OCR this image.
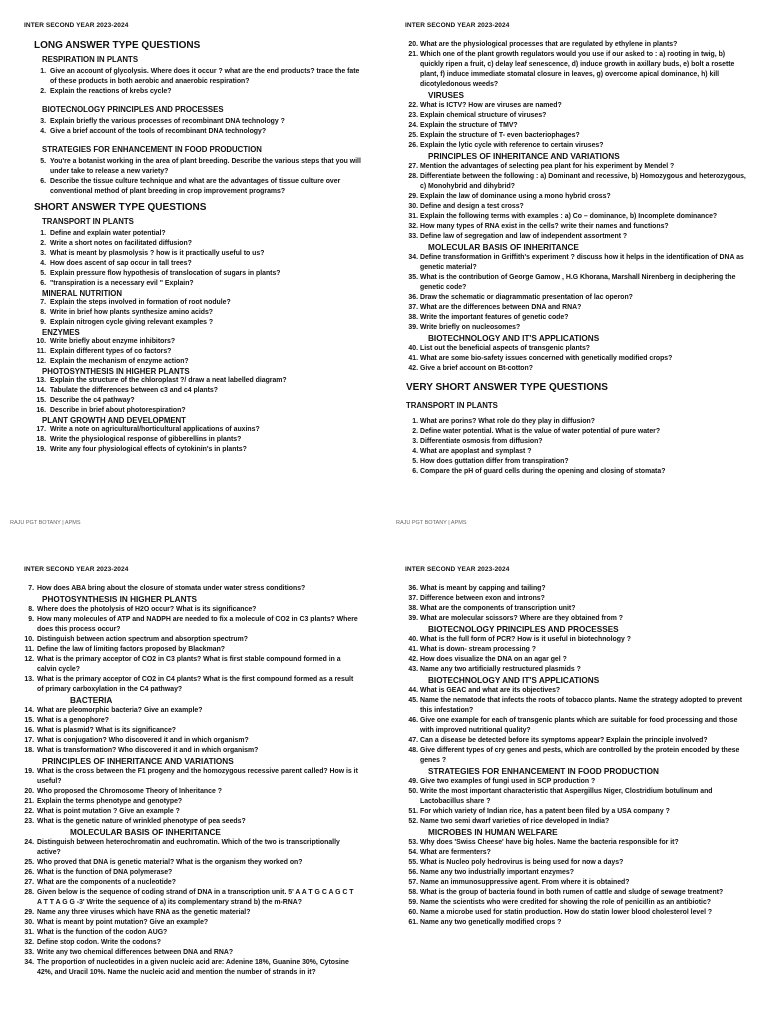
INTER SECOND YEAR 2023-2024
LONG ANSWER TYPE QUESTIONS
RESPIRATION IN PLANTS
1. Give an account of glycolysis. Where does it occur ? what are the end products? trace the fate of these products in both aerobic and anaerobic respiration?
2. Explain the reactions of krebs cycle?
BIOTECNOLOGY PRINCIPLES AND PROCESSES
3. Explain briefly the various processes of recombinant DNA technology ?
4. Give a brief account of the tools of recombinant DNA technology?
STRATEGIES FOR ENHANCEMENT IN FOOD PRODUCTION
5. You're a botanist working in the area of plant breeding. Describe the various steps that you will under take to release a new variety?
6. Describe the tissue culture technique and what are the advantages of tissue culture over conventional method of plant breeding in crop improvement programs?
SHORT ANSWER TYPE QUESTIONS
TRANSPORT IN PLANTS
1. Define and explain water potential?
2. Write a short notes on facilitated diffusion?
3. What is meant by plasmolysis ? how is it practically useful to us?
4. How does ascent of sap occur in tall trees?
5. Explain pressure flow hypothesis of translocation of sugars in plants?
6. "transpiration is a necessary evil " Explain?
MINERAL NUTRITION
7. Explain the steps involved in formation of root nodule?
8. Write in brief how plants synthesize amino acids?
9. Explain nitrogen cycle giving relevant examples ?
ENZYMES
10. Write briefly about enzyme inhibitors?
11. Explain different types of co factors?
12. Explain the mechanism of enzyme action?
PHOTOSYNTHESIS IN HIGHER PLANTS
13. Explain the structure of the chloroplast ?/ draw a neat labelled diagram?
14. Tabulate the differences between c3 and c4 plants?
15. Describe the c4 pathway?
16. Describe in brief about photorespiration?
PLANT GROWTH AND DEVELOPMENT
17. Write a note on agricultural/horticultural applications of auxins?
18. Write the physiological response of gibberellins in plants?
19. Write any four physiological effects of cytokinin's in plants?
RAJU PGT BOTANY | APMS
INTER SECOND YEAR 2023-2024
20. What are the physiological processes that are regulated by ethylene in plants?
21. Which one of the plant growth regulators would you use if our asked to : a) rooting in twig, b) quickly ripen a fruit, c) delay leaf senescence, d) induce growth in axillary buds, e) bolt a rosette plant, f) induce immediate stomatal closure in leaves, g) overcome apical dominance, h) kill dicotyledonous weeds?
VIRUSES
22. What is ICTV? How are viruses are named?
23. Explain chemical structure of viruses?
24. Explain the structure of TMV?
25. Explain the structure of T- even bacteriophages?
26. Explain the lytic cycle with reference to certain viruses?
PRINCIPLES OF INHERITANCE AND VARIATIONS
27. Mention the advantages of selecting pea plant for his experiment by Mendel ?
28. Differentiate between the following : a) Dominant and recessive, b) Homozygous and heterozygous, c) Monohybrid and dihybrid?
29. Explain the law of dominance using a mono hybrid cross?
30. Define and design a test cross?
31. Explain the following terms with examples : a) Co – dominance, b) Incomplete dominance?
32. How many types of RNA exist in the cells? write their names and functions?
33. Define law of segregation and law of independent assortment ?
MOLECULAR BASIS OF INHERITANCE
34. Define transformation in Griffith's experiment ? discuss how it helps in the identification of DNA as genetic material?
35. What is the contribution of George Gamow , H.G Khorana, Marshall Nirenberg in deciphering the genetic code?
36. Draw the schematic or diagrammatic presentation of lac operon?
37. What are the differences between DNA and RNA?
38. Write the important features of genetic code?
39. Write briefly on nucleosomes?
BIOTECHNOLOGY AND IT'S APPLICATIONS
40. List out the beneficial aspects of transgenic plants?
41. What are some bio-safety issues concerned with genetically modified crops?
42. Give a brief account on Bt-cotton?
VERY SHORT ANSWER TYPE QUESTIONS
TRANSPORT IN PLANTS
1. What are porins? What role do they play in diffusion?
2. Define water potential. What is the value of water potential of pure water?
3. Differentiate osmosis from diffusion?
4. What are apoplast and symplast ?
5. How does guttation differ from transpiration?
6. Compare the pH of guard cells during the opening and closing of stomata?
RAJU PGT BOTANY | APMS
INTER SECOND YEAR 2023-2024
7. How does ABA bring about the closure of stomata under water stress conditions?
PHOTOSYNTHESIS IN HIGHER PLANTS
8. Where does the photolysis of H2O occur? What is its significance?
9. How many molecules of ATP and NADPH are needed to fix a molecule of CO2 in C3 plants? Where does this process occur?
10. Distinguish between action spectrum and absorption spectrum?
11. Define the law of limiting factors proposed by Blackman?
12. What is the primary acceptor of CO2 in C3 plants? What is first stable compound formed in a calvin cycle?
13. What is the primary acceptor of CO2 in C4 plants? What is the first compound formed as a result of primary carboxylation in the C4 pathway?
BACTERIA
14. What are pleomorphic bacteria? Give an example?
15. What is a genophore?
16. What is plasmid? What is its significance?
17. What is conjugation? Who discovered it and in which organism?
18. What is transformation? Who discovered it and in which organism?
PRINCIPLES OF INHERITANCE AND VARIATIONS
19. What is the cross between the F1 progeny and the homozygous recessive parent called? How is it useful?
20. Who proposed the Chromosome Theory of Inheritance ?
21. Explain the terms phenotype and genotype?
22. What is point mutation ? Give an example ?
23. What is the genetic nature of wrinkled phenotype of pea seeds?
MOLECULAR BASIS OF INHERITANCE
24. Distinguish between heterochromatin and euchromatin. Which of the two is transcriptionally active?
25. Who proved that DNA is genetic material? What is the organism they worked on?
26. What is the function of DNA polymerase?
27. What are the components of a nucleotide?
28. Given below is the sequence of coding strand of DNA in a transcription unit. 5' A A T G C A G C T A T T A G G -3' Write the sequence of a) its complementary strand b) the m-RNA?
29. Name any three viruses which have RNA as the genetic material?
30. What is meant by point mutation? Give an example?
31. What is the function of the codon AUG?
32. Define stop codon. Write the codons?
33. Write any two chemical differences between DNA and RNA?
34. The proportion of nucleotides in a given nucleic acid are: Adenine 18%, Guanine 30%, Cytosine 42%, and Uracil 10%. Name the nucleic acid and mention the number of strands in it?
INTER SECOND YEAR 2023-2024
36. What is meant by capping and tailing?
37. Difference between exon and introns?
38. What are the components of transcription unit?
39. What are molecular scissors? Where are they obtained from ?
BIOTECNOLOGY PRINCIPLES AND PROCESSES
40. What is the full form of PCR? How is it useful in biotechnology ?
41. What is down- stream processing ?
42. How does visualize the DNA on an agar gel ?
43. Name any two artificially restructured plasmids ?
BIOTECHNOLOGY AND IT'S APPLICATIONS
44. What is GEAC and what are its objectives?
45. Name the nematode that infects the roots of tobacco plants. Name the strategy adopted to prevent this infestation?
46. Give one example for each of transgenic plants which are suitable for food processing and those with improved nutritional quality?
47. Can a disease be detected before its symptoms appear? Explain the principle involved?
48. Give different types of cry genes and pests, which are controlled by the protein encoded by these genes ?
STRATEGIES FOR ENHANCEMENT IN FOOD PRODUCTION
49. Give two examples of fungi used in SCP production ?
50. Write the most important characteristic that Aspergillus Niger, Clostridium botulinum and Lactobacillus share ?
51. For which variety of Indian rice, has a patent been filed by a USA company ?
52. Name two semi dwarf varieties of rice developed in India?
MICROBES IN HUMAN WELFARE
53. Why does 'Swiss Cheese' have big holes. Name the bacteria responsible for it?
54. What are fermenters?
55. What is Nucleo poly hedrovirus is being used for now a days?
56. Name any two industrially important enzymes?
57. Name an immunosuppressive agent. From where it is obtained?
58. What is the group of bacteria found in both rumen of cattle and sludge of sewage treatment?
59. Name the scientists who were credited for showing the role of penicillin as an antibiotic?
60. Name a microbe used for statin production. How do statin lower blood cholesterol level ?
61. Name any two genetically modified crops ?
